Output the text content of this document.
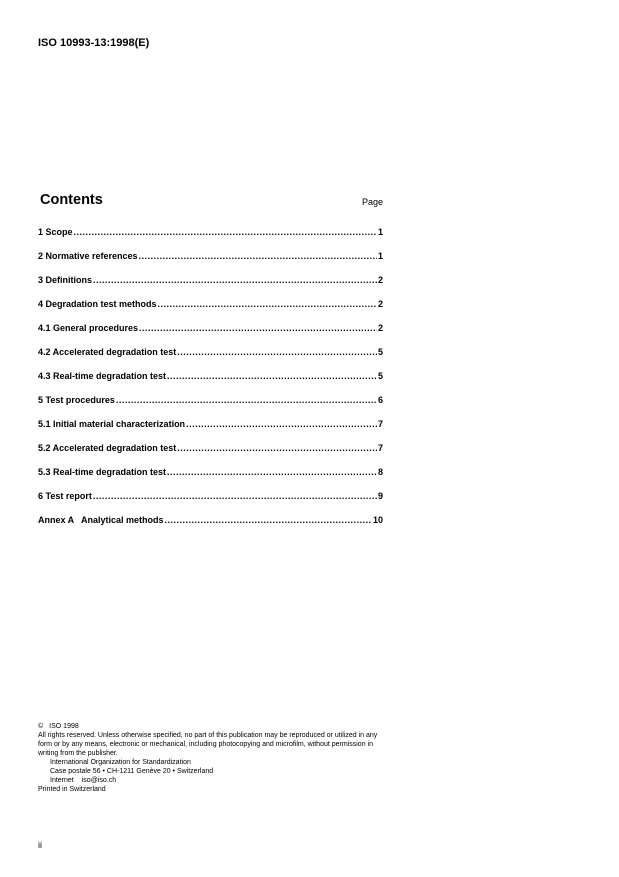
ISO 10993-13:1998(E)
Contents	Page
1 Scope .....	1
2 Normative references .....	1
3 Definitions .....	2
4 Degradation test methods .....	2
4.1 General procedures .....	2
4.2 Accelerated degradation test .....	5
4.3 Real-time degradation test .....	5
5 Test procedures .....	6
5.1 Initial material characterization .....	7
5.2 Accelerated degradation test .....	7
5.3 Real-time degradation test .....	8
6 Test report .....	9
Annex A   Analytical methods .....	10

© ISO 1998

All rights reserved. Unless otherwise specified, no part of this publication may be reproduced or utilized in any form or by any means, electronic or mechanical, including photocopying and microfilm, without permission in writing from the publisher.

International Organization for Standardization

Case postale 56 • CH-1211 Genève 20 • Switzerland

Internet iso@iso.ch

Printed in Switzerland

ii
